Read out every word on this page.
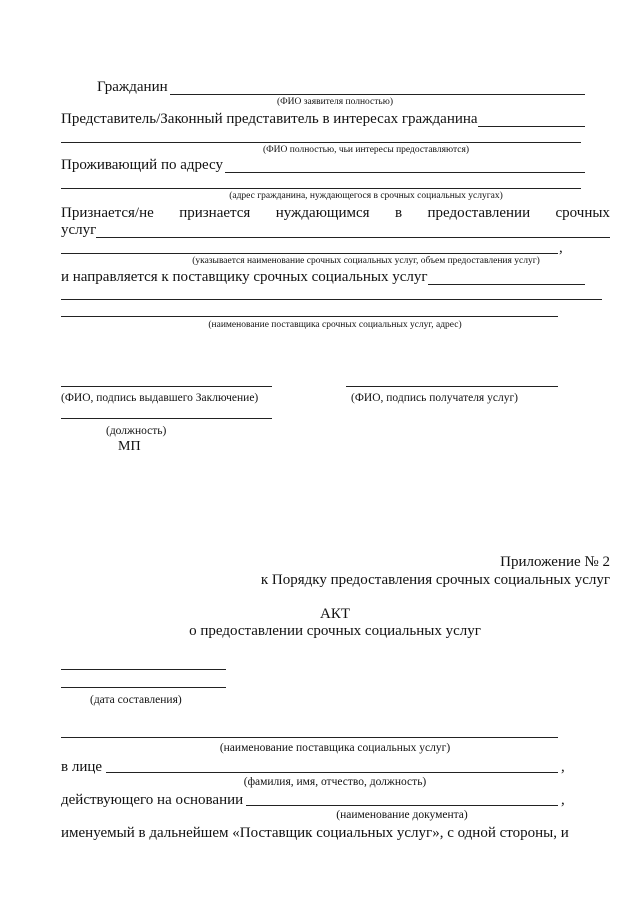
Гражданин
(ФИО заявителя полностью)
Представитель/Законный представитель в интересах гражданина
(ФИО полностью, чьи интересы предоставляются)
Проживающий по адресу
(адрес гражданина, нуждающегося в срочных социальных услугах)
Признается/не признается нуждающимся в предоставлении срочных
услуг
,
(указывается наименование срочных социальных услуг, объем предоставления услуг)
и направляется к поставщику срочных социальных услуг
(наименование поставщика срочных социальных услуг, адрес)
(ФИО, подпись выдавшего Заключение)	(ФИО, подпись получателя услуг)
(должность)
МП
Приложение № 2
к Порядку предоставления срочных социальных услуг
АКТ
о предоставлении срочных социальных услуг
(дата составления)
(наименование поставщика социальных услуг)
в лице	,
(фамилия, имя, отчество, должность)
действующего на основании	,
(наименование документа)
именуемый в дальнейшем «Поставщик социальных услуг», с одной стороны, и
